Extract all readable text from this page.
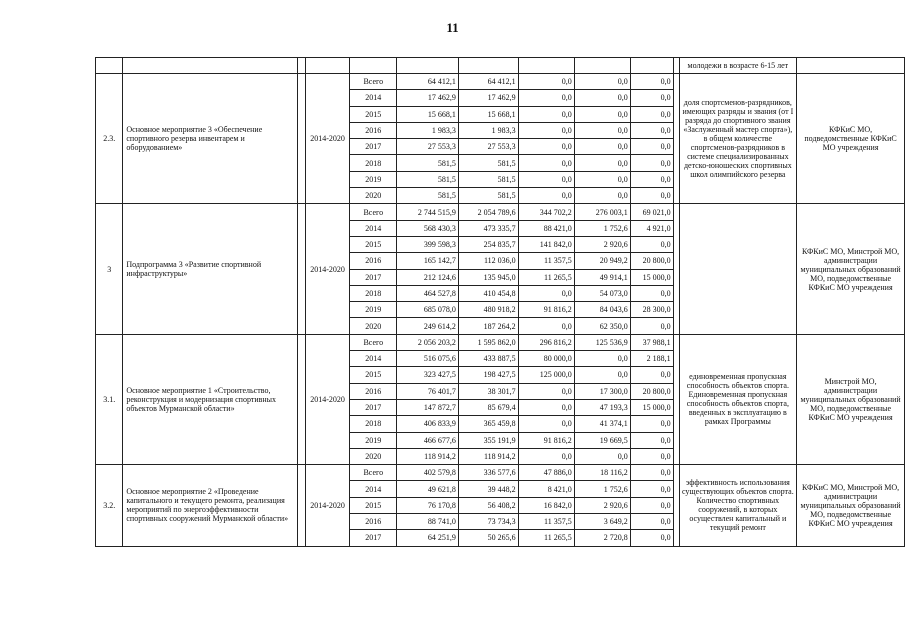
11
											молодежи в возрасте 6-15 лет	
2.3.	Основное мероприятие 3 «Обеспечение спортивного резерва инвентарем и оборудованием»		2014-2020	Всего	64 412,1	64 412,1	0,0	0,0	0,0		доля спортсменов-разрядников, имеющих разряды и звания (от I разряда до спортивного звания «Заслуженный мастер спорта»), в общем количестве спортсменов-разрядников в системе специализированных детско-юношеских спортивных школ олимпийского резерва	КФКиС МО, подведомственные КФКиС МО учреждения
				2014	17 462,9	17 462,9	0,0	0,0	0,0			
				2015	15 668,1	15 668,1	0,0	0,0	0,0			
				2016	1 983,3	1 983,3	0,0	0,0	0,0			
				2017	27 553,3	27 553,3	0,0	0,0	0,0			
				2018	581,5	581,5	0,0	0,0	0,0			
				2019	581,5	581,5	0,0	0,0	0,0			
				2020	581,5	581,5	0,0	0,0	0,0			
3	Подпрограмма 3 «Развитие спортивной инфраструктуры»		2014-2020	Всего	2 744 515,9	2 054 789,6	344 702,2	276 003,1	69 021,0			КФКиС МО, Минстрой МО, администрации муниципальных образований МО, подведомственные КФКиС МО учреждения
				2014	568 430,3	473 335,7	88 421,0	1 752,6	4 921,0			
				2015	399 598,3	254 835,7	141 842,0	2 920,6	0,0			
				2016	165 142,7	112 036,0	11 357,5	20 949,2	20 800,0			
				2017	212 124,6	135 945,0	11 265,5	49 914,1	15 000,0			
				2018	464 527,8	410 454,8	0,0	54 073,0	0,0			
				2019	685 078,0	480 918,2	91 816,2	84 043,6	28 300,0			
				2020	249 614,2	187 264,2	0,0	62 350,0	0,0			
3.1.	Основное мероприятие 1 «Строительство, реконструкция и модернизация спортивных объектов Мурманской области»		2014-2020	Всего	2 056 203,2	1 595 862,0	296 816,2	125 536,9	37 988,1		единовременная пропускная способность объектов спорта. Единовременная пропускная способность объектов спорта, введенных в эксплуатацию в рамках Программы	Минстрой МО, администрации муниципальных образований МО, подведомственные КФКиС МО учреждения
				2014	516 075,6	433 887,5	80 000,0	0,0	2 188,1			
				2015	323 427,5	198 427,5	125 000,0	0,0	0,0			
				2016	76 401,7	38 301,7	0,0	17 300,0	20 800,0			
				2017	147 872,7	85 679,4	0,0	47 193,3	15 000,0			
				2018	406 833,9	365 459,8	0,0	41 374,1	0,0			
				2019	466 677,6	355 191,9	91 816,2	19 669,5	0,0			
				2020	118 914,2	118 914,2	0,0	0,0	0,0			
3.2.	Основное мероприятие 2 «Проведение капитального и текущего ремонта, реализация мероприятий по энергоэффективности спортивных сооружений Мурманской области»		2014-2020	Всего	402 579,8	336 577,6	47 886,0	18 116,2	0,0		эффективность использования существующих объектов спорта. Количество спортивных сооружений, в которых осуществлен капитальный и текущий ремонт	КФКиС МО, Минстрой МО, администрации муниципальных образований МО, подведомственные КФКиС МО учреждения
				2014	49 621,8	39 448,2	8 421,0	1 752,6	0,0			
				2015	76 170,8	56 408,2	16 842,0	2 920,6	0,0			
				2016	88 741,0	73 734,3	11 357,5	3 649,2	0,0			
				2017	64 251,9	50 265,6	11 265,5	2 720,8	0,0			
